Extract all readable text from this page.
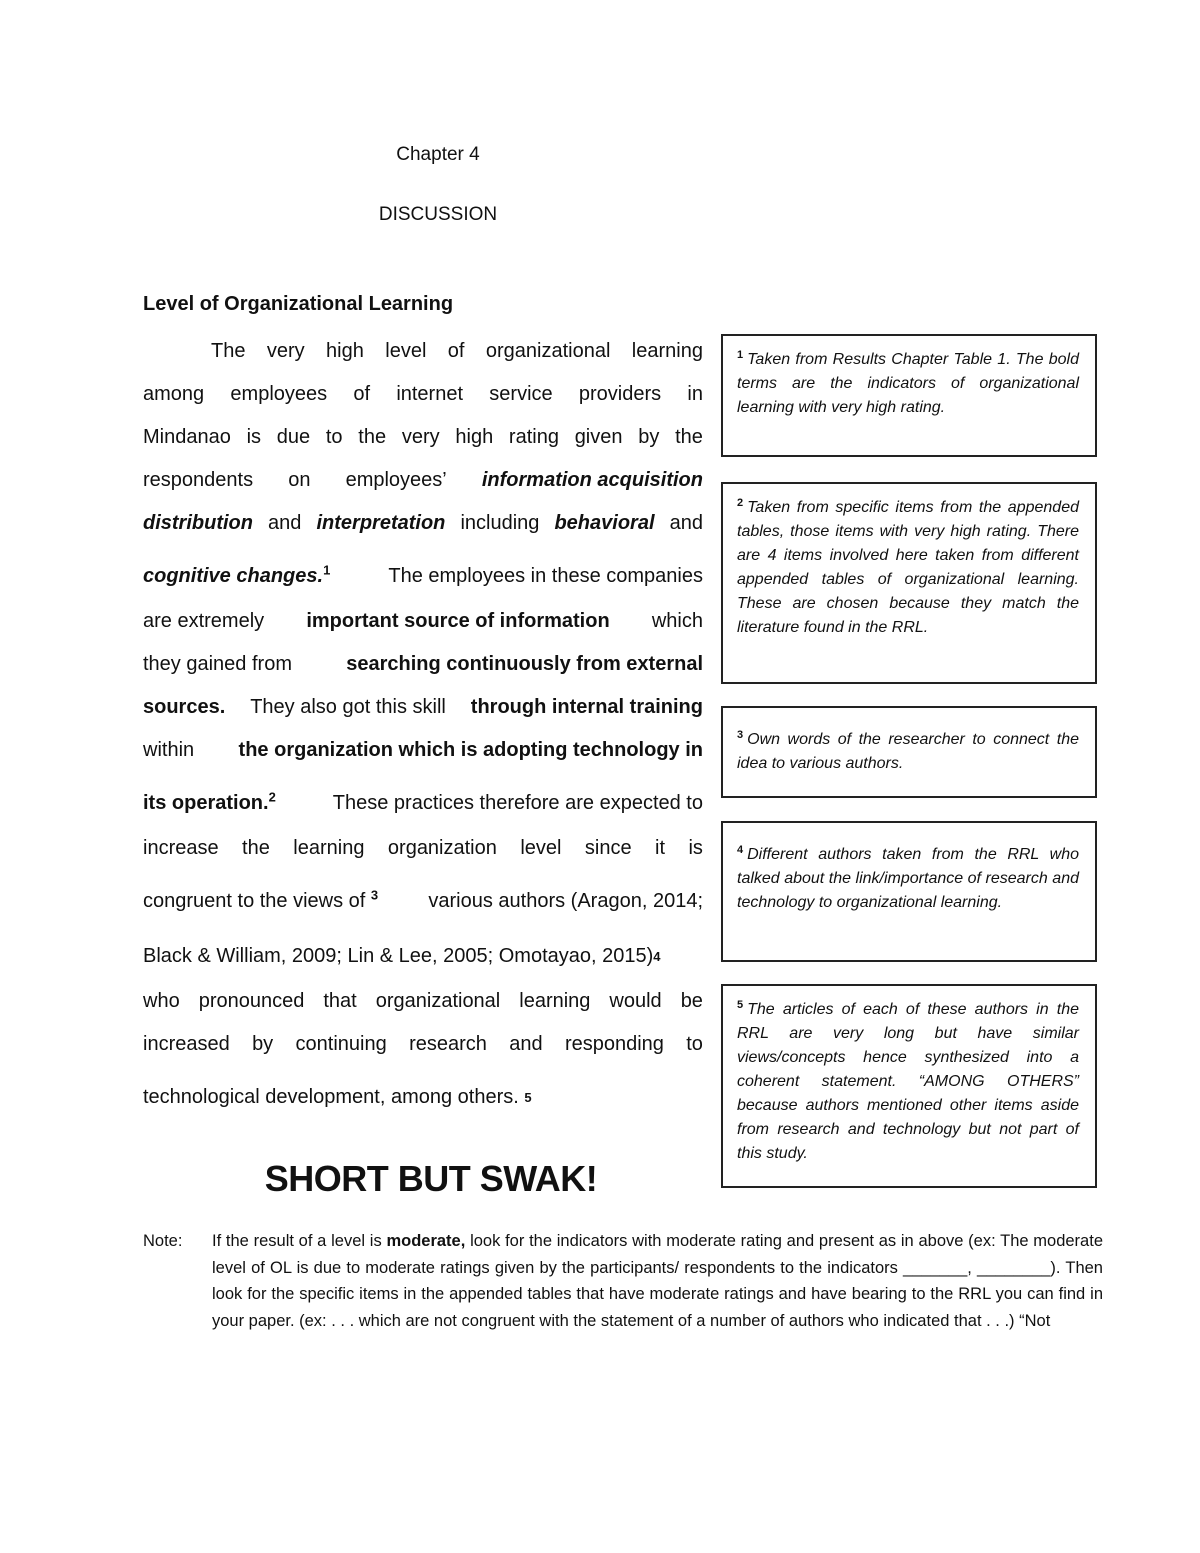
Chapter 4
DISCUSSION
Level of Organizational Learning
The very high level of organizational learning
among employees of internet service providers in
Mindanao is due to the very high rating given by the
respondents on employees’ information acquisition
distribution and interpretation including behavioral and
cognitive changes.$^1$	The employees in these companies
are extremely important source of information which
they gained from	searching continuously from external
sources. They also got this skill through internal training
within the organization which is adopting technology in
its operation.$^2$	These practices therefore are expected to
increase the learning organization level since it is
congruent to the views of $^3$	various authors (Aragon, 2014;
Black & William, 2009; Lin & Lee, 2005; Omotayao, 2015) 4
who pronounced that organizational learning would be
increased by continuing research and responding to
technological development, among others.
5
SHORT BUT SWAK!
$^1$ Taken from Results Chapter Table 1. The bold terms are the indicators of organizational learning with very high rating.
$^2$ Taken from specific items from the appended tables, those items with very high rating. There are 4 items involved here taken from different appended tables of organizational learning. These are chosen because they match the literature found in the RRL.
$^3$ Own words of the researcher to connect the idea to various authors.
$^4$ Different authors taken from the RRL who talked about the link/importance of research and technology to organizational learning.
$^5$ The articles of each of these authors in the RRL are very long but have similar views/concepts hence synthesized into a coherent statement. “AMONG OTHERS” because authors mentioned other items aside from research and technology but not part of this study.
Note: If the result of a level is moderate, look for the indicators with moderate rating and present as in above (ex: The moderate level of OL is due to moderate ratings given by the participants/ respondents to the indicators _______, ________). Then look for the specific items in the appended tables that have moderate ratings and have bearing to the RRL you can find in your paper. (ex: . . . which are not congruent with the statement of a number of authors who indicated that . . .) “Not
